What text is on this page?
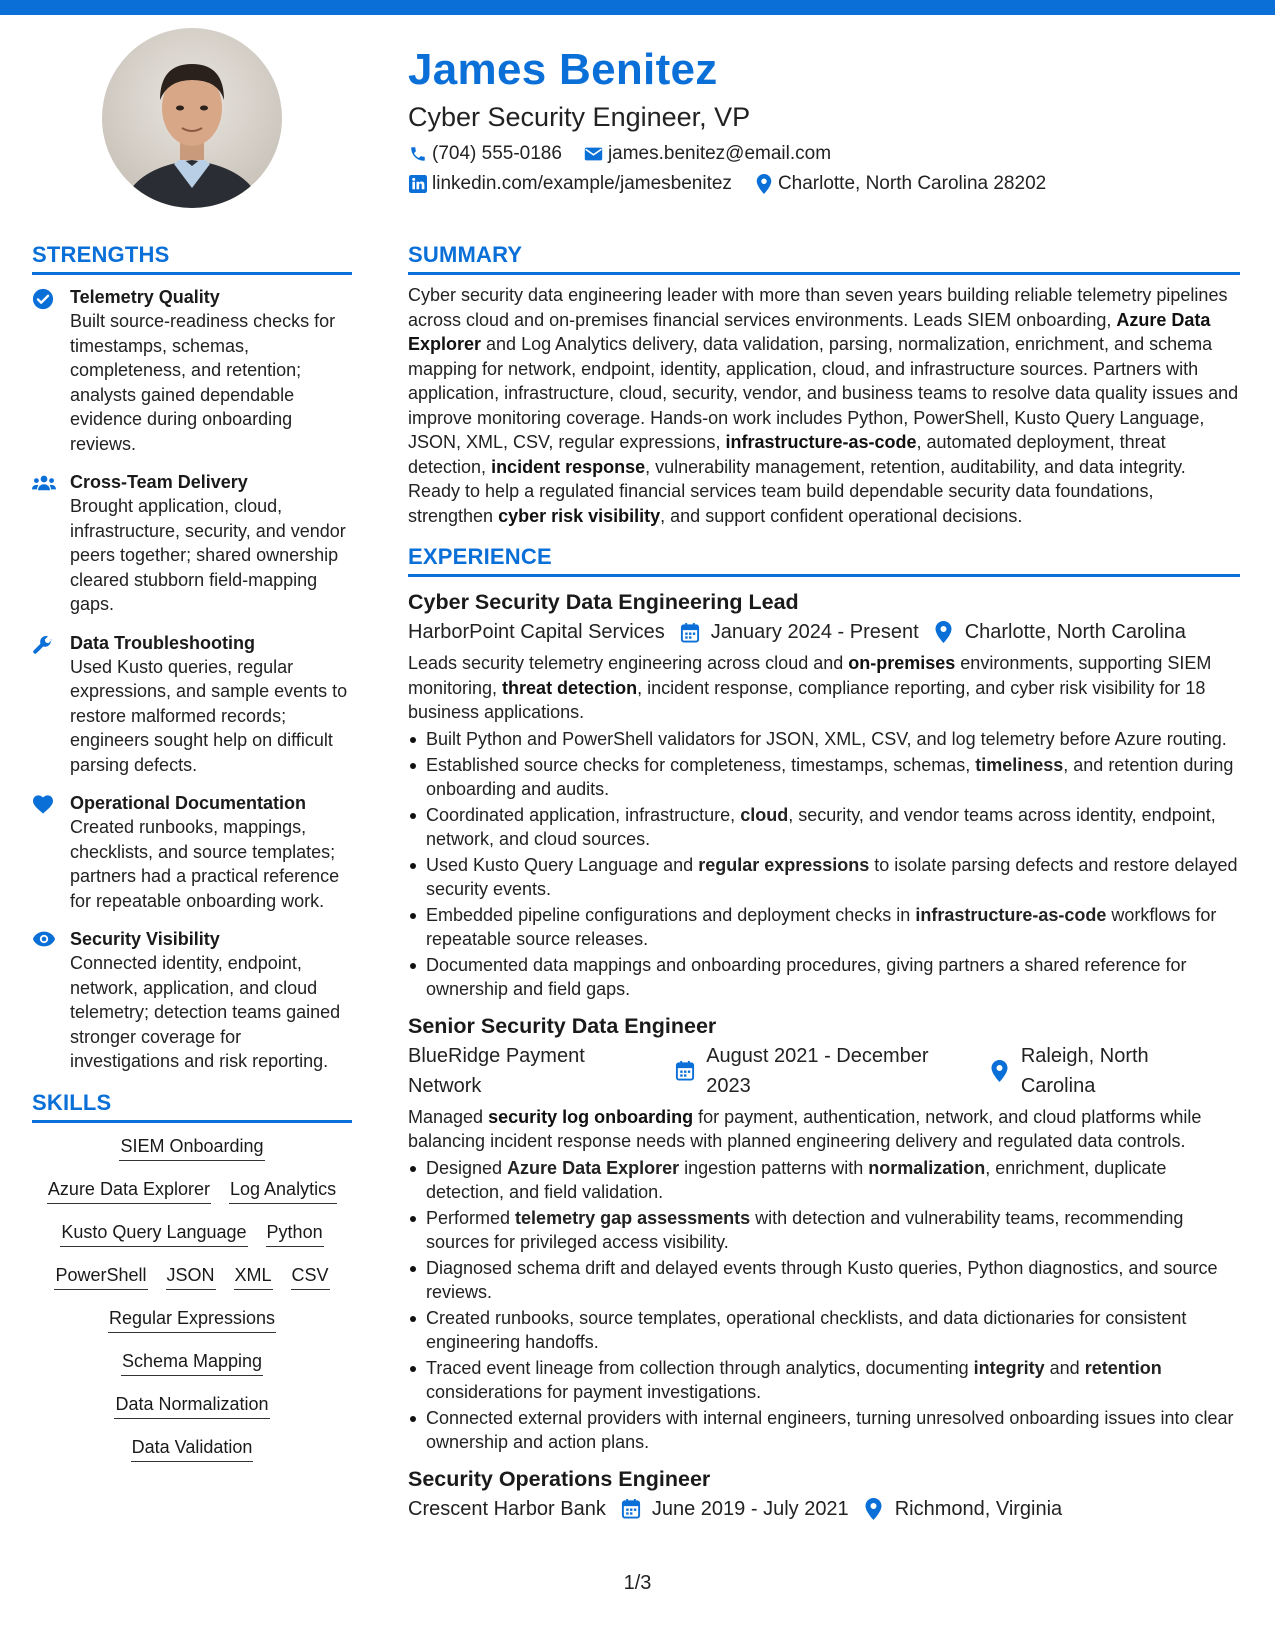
James Benitez
Cyber Security Engineer, VP
(704) 555-0186 james.benitez@email.com
linkedin.com/example/jamesbenitez Charlotte, North Carolina 28202
STRENGTHS
Telemetry Quality
Built source-readiness checks for timestamps, schemas, completeness, and retention; analysts gained dependable evidence during onboarding reviews.
Cross-Team Delivery
Brought application, cloud, infrastructure, security, and vendor peers together; shared ownership cleared stubborn field-mapping gaps.
Data Troubleshooting
Used Kusto queries, regular expressions, and sample events to restore malformed records; engineers sought help on difficult parsing defects.
Operational Documentation
Created runbooks, mappings, checklists, and source templates; partners had a practical reference for repeatable onboarding work.
Security Visibility
Connected identity, endpoint, network, application, and cloud telemetry; detection teams gained stronger coverage for investigations and risk reporting.
SKILLS
SIEM Onboarding
Azure Data Explorer Log Analytics
Kusto Query Language Python
PowerShell JSON XML CSV
Regular Expressions
Schema Mapping
Data Normalization
Data Validation
SUMMARY
Cyber security data engineering leader with more than seven years building reliable telemetry pipelines across cloud and on-premises financial services environments. Leads SIEM onboarding, Azure Data Explorer and Log Analytics delivery, data validation, parsing, normalization, enrichment, and schema mapping for network, endpoint, identity, application, cloud, and infrastructure sources. Partners with application, infrastructure, cloud, security, vendor, and business teams to resolve data quality issues and improve monitoring coverage. Hands-on work includes Python, PowerShell, Kusto Query Language, JSON, XML, CSV, regular expressions, infrastructure-as-code, automated deployment, threat detection, incident response, vulnerability management, retention, auditability, and data integrity. Ready to help a regulated financial services team build dependable security data foundations, strengthen cyber risk visibility, and support confident operational decisions.
EXPERIENCE
Cyber Security Data Engineering Lead
HarborPoint Capital Services January 2024 - Present Charlotte, North Carolina
Leads security telemetry engineering across cloud and on-premises environments, supporting SIEM monitoring, threat detection, incident response, compliance reporting, and cyber risk visibility for 18 business applications.
Built Python and PowerShell validators for JSON, XML, CSV, and log telemetry before Azure routing.
Established source checks for completeness, timestamps, schemas, timeliness, and retention during onboarding and audits.
Coordinated application, infrastructure, cloud, security, and vendor teams across identity, endpoint, network, and cloud sources.
Used Kusto Query Language and regular expressions to isolate parsing defects and restore delayed security events.
Embedded pipeline configurations and deployment checks in infrastructure-as-code workflows for repeatable source releases.
Documented data mappings and onboarding procedures, giving partners a shared reference for ownership and field gaps.
Senior Security Data Engineer
BlueRidge Payment Network
August 2021 - December 2023
Raleigh, North Carolina
Managed security log onboarding for payment, authentication, network, and cloud platforms while balancing incident response needs with planned engineering delivery and regulated data controls.
Designed Azure Data Explorer ingestion patterns with normalization, enrichment, duplicate detection, and field validation.
Performed telemetry gap assessments with detection and vulnerability teams, recommending sources for privileged access visibility.
Diagnosed schema drift and delayed events through Kusto queries, Python diagnostics, and source reviews.
Created runbooks, source templates, operational checklists, and data dictionaries for consistent engineering handoffs.
Traced event lineage from collection through analytics, documenting integrity and retention considerations for payment investigations.
Connected external providers with internal engineers, turning unresolved onboarding issues into clear ownership and action plans.
Security Operations Engineer
Crescent Harbor Bank June 2019 - July 2021 Richmond, Virginia
1/3
